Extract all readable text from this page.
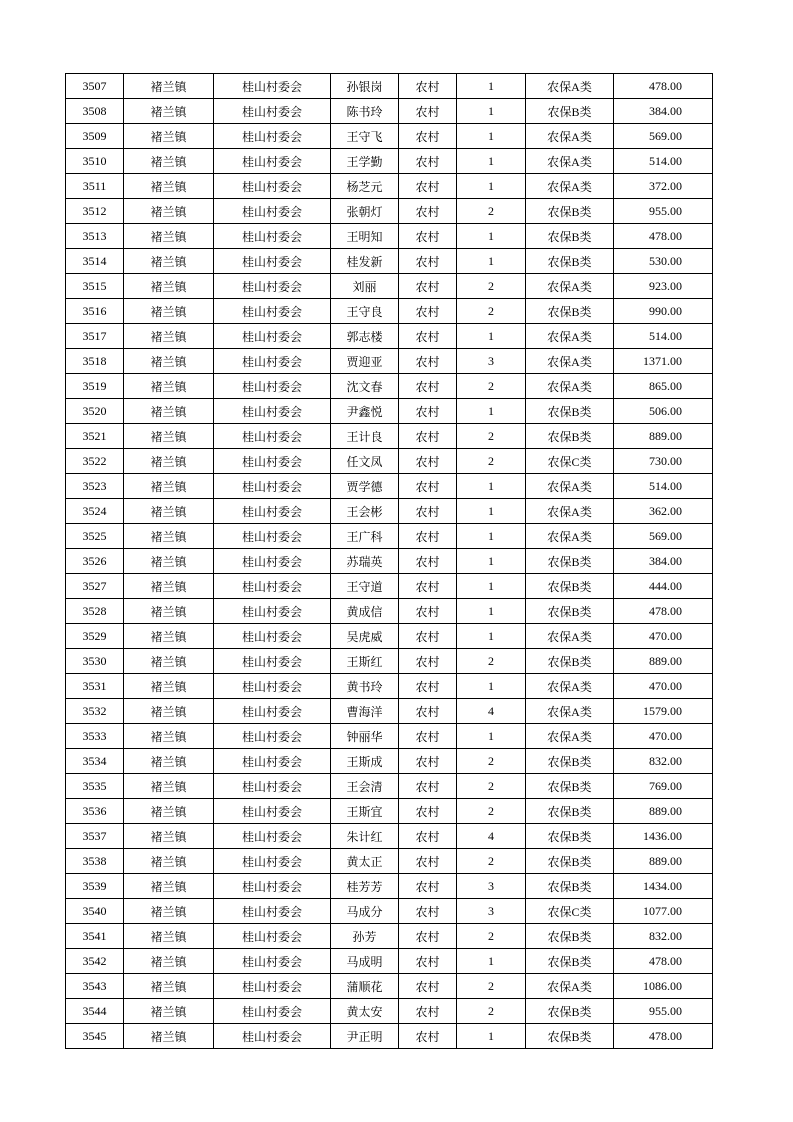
3507	褚兰镇	桂山村委会	孙银岗	农村	1	农保A类	478.00
3508	褚兰镇	桂山村委会	陈书玲	农村	1	农保B类	384.00
3509	褚兰镇	桂山村委会	王守飞	农村	1	农保A类	569.00
3510	褚兰镇	桂山村委会	王学勤	农村	1	农保A类	514.00
3511	褚兰镇	桂山村委会	杨芝元	农村	1	农保A类	372.00
3512	褚兰镇	桂山村委会	张朝灯	农村	2	农保B类	955.00
3513	褚兰镇	桂山村委会	王明知	农村	1	农保B类	478.00
3514	褚兰镇	桂山村委会	桂发新	农村	1	农保B类	530.00
3515	褚兰镇	桂山村委会	刘丽	农村	2	农保A类	923.00
3516	褚兰镇	桂山村委会	王守良	农村	2	农保B类	990.00
3517	褚兰镇	桂山村委会	郭志楼	农村	1	农保A类	514.00
3518	褚兰镇	桂山村委会	贾迎亚	农村	3	农保A类	1371.00
3519	褚兰镇	桂山村委会	沈文春	农村	2	农保A类	865.00
3520	褚兰镇	桂山村委会	尹鑫悦	农村	1	农保B类	506.00
3521	褚兰镇	桂山村委会	王计良	农村	2	农保B类	889.00
3522	褚兰镇	桂山村委会	任文凤	农村	2	农保C类	730.00
3523	褚兰镇	桂山村委会	贾学德	农村	1	农保A类	514.00
3524	褚兰镇	桂山村委会	王会彬	农村	1	农保A类	362.00
3525	褚兰镇	桂山村委会	王广科	农村	1	农保A类	569.00
3526	褚兰镇	桂山村委会	苏瑞英	农村	1	农保B类	384.00
3527	褚兰镇	桂山村委会	王守道	农村	1	农保B类	444.00
3528	褚兰镇	桂山村委会	黄成信	农村	1	农保B类	478.00
3529	褚兰镇	桂山村委会	吴虎威	农村	1	农保A类	470.00
3530	褚兰镇	桂山村委会	王斯红	农村	2	农保B类	889.00
3531	褚兰镇	桂山村委会	黄书玲	农村	1	农保A类	470.00
3532	褚兰镇	桂山村委会	曹海洋	农村	4	农保A类	1579.00
3533	褚兰镇	桂山村委会	钟丽华	农村	1	农保A类	470.00
3534	褚兰镇	桂山村委会	王斯成	农村	2	农保B类	832.00
3535	褚兰镇	桂山村委会	王会清	农村	2	农保B类	769.00
3536	褚兰镇	桂山村委会	王斯宜	农村	2	农保B类	889.00
3537	褚兰镇	桂山村委会	朱计红	农村	4	农保B类	1436.00
3538	褚兰镇	桂山村委会	黄太正	农村	2	农保B类	889.00
3539	褚兰镇	桂山村委会	桂芳芳	农村	3	农保B类	1434.00
3540	褚兰镇	桂山村委会	马成分	农村	3	农保C类	1077.00
3541	褚兰镇	桂山村委会	孙芳	农村	2	农保B类	832.00
3542	褚兰镇	桂山村委会	马成明	农村	1	农保B类	478.00
3543	褚兰镇	桂山村委会	蒲顺花	农村	2	农保A类	1086.00
3544	褚兰镇	桂山村委会	黄太安	农村	2	农保B类	955.00
3545	褚兰镇	桂山村委会	尹正明	农村	1	农保B类	478.00
